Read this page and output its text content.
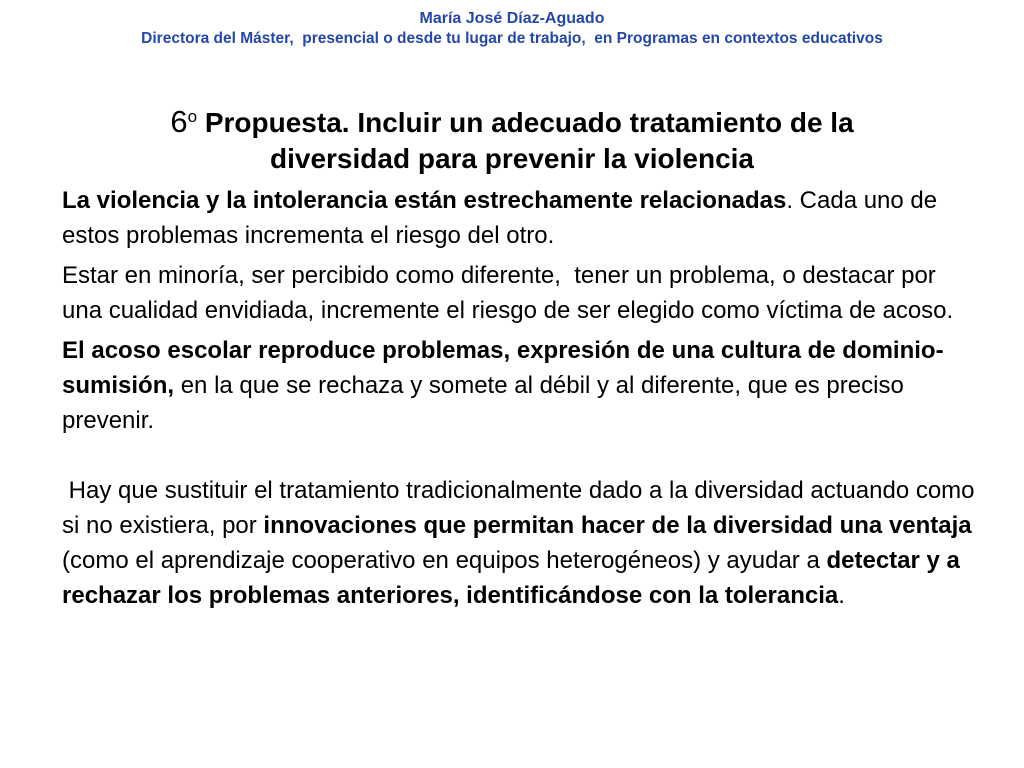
María José Díaz-Aguado
Directora del Máster,  presencial o desde tu lugar de trabajo,  en Programas en contextos educativos
6$^o$ Propuesta. Incluir un adecuado tratamiento de la
diversidad para prevenir la violencia

La violencia y la intolerancia están estrechamente relacionadas. Cada uno de estos problemas incrementa el riesgo del otro.

Estar en minoría, ser percibido como diferente,  tener un problema, o destacar por una cualidad envidiada, incremente el riesgo de ser elegido como víctima de acoso.

El acoso escolar reproduce problemas, expresión de una cultura de dominio-sumisión, en la que se rechaza y somete al débil y al diferente, que es preciso prevenir.

Hay que sustituir el tratamiento tradicionalmente dado a la diversidad actuando como si no existiera, por innovaciones que permitan hacer de la diversidad una ventaja (como el aprendizaje cooperativo en equipos heterogéneos) y ayudar a detectar y a rechazar los problemas anteriores, identificándose con la tolerancia.
